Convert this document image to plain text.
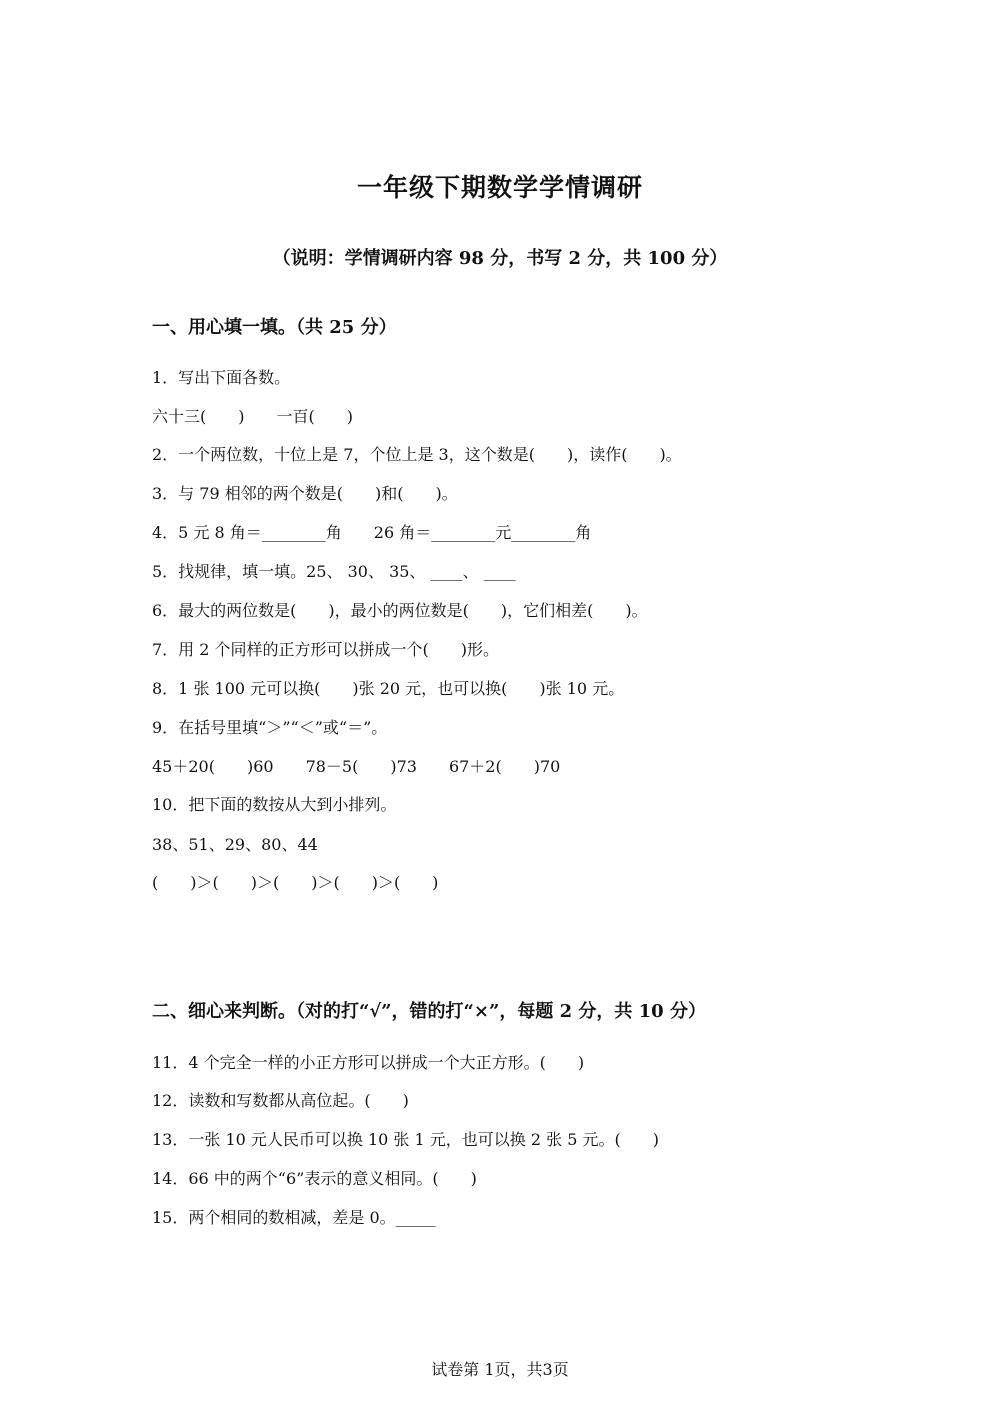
一年级下期数学学情调研
（说明：学情调研内容 98 分，书写 2 分，共 100 分）
一、用心填一填。（共 25 分）
1．写出下面各数。
六十三(　　)　　一百(　　)
2．一个两位数，十位上是 7，个位上是 3，这个数是(　　)，读作(　　)。
3．与 79 相邻的两个数是(　　)和(　　)。
4．5 元 8 角＝________角　　26 角＝________元________角
5．找规律，填一填。25、 30、 35、 ____、 ____
6．最大的两位数是(　　)，最小的两位数是(　　)，它们相差(　　)。
7．用 2 个同样的正方形可以拼成一个(　　)形。
8．1 张 100 元可以换(　　)张 20 元，也可以换(　　)张 10 元。
9．在括号里填“＞”“＜”或“＝”。
45＋20(　　)60　　78－5(　　)73　　67＋2(　　)70
10．把下面的数按从大到小排列。
38、51、29、80、44
(　　)＞(　　)＞(　　)＞(　　)＞(　　)
二、细心来判断。（对的打“√”，错的打“×”，每题 2 分，共 10 分）
11．4 个完全一样的小正方形可以拼成一个大正方形。(　　)
12．读数和写数都从高位起。(　　)
13．一张 10 元人民币可以换 10 张 1 元，也可以换 2 张 5 元。(　　)
14．66 中的两个“6”表示的意义相同。(　　)
15．两个相同的数相减，差是 0。_____
试卷第 1页，共3页
